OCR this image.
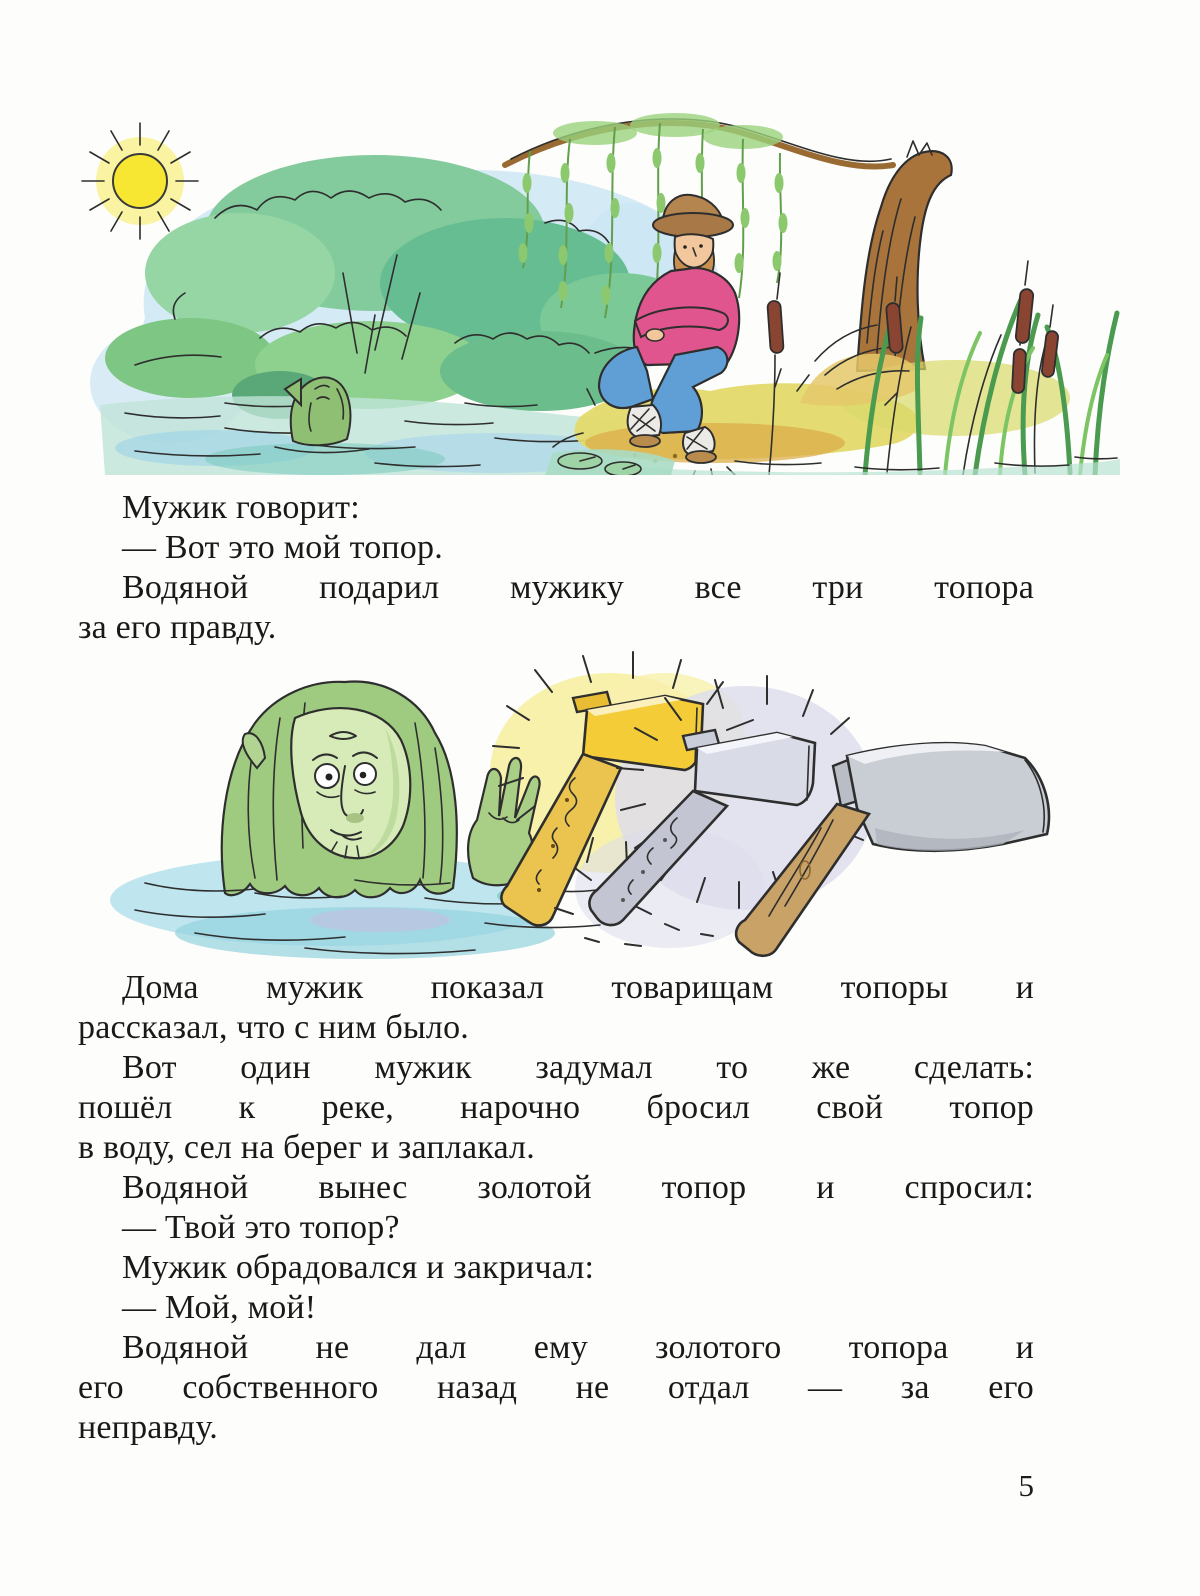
Мужик говорит:

— Вот это мой топор.

Водяной подарил мужику все три топора

за его правду.

Дома мужик показал товарищам топоры и

рассказал, что с ним было.

Вот один мужик задумал то же сделать:

пошёл к реке, нарочно бросил свой топор

в воду, сел на берег и заплакал.

Водяной вынес золотой топор и спросил:

— Твой это топор?

Мужик обрадовался и закричал:

— Мой, мой!

Водяной не дал ему золотого топора и

его собственного назад не отдал — за его

неправду.

5
